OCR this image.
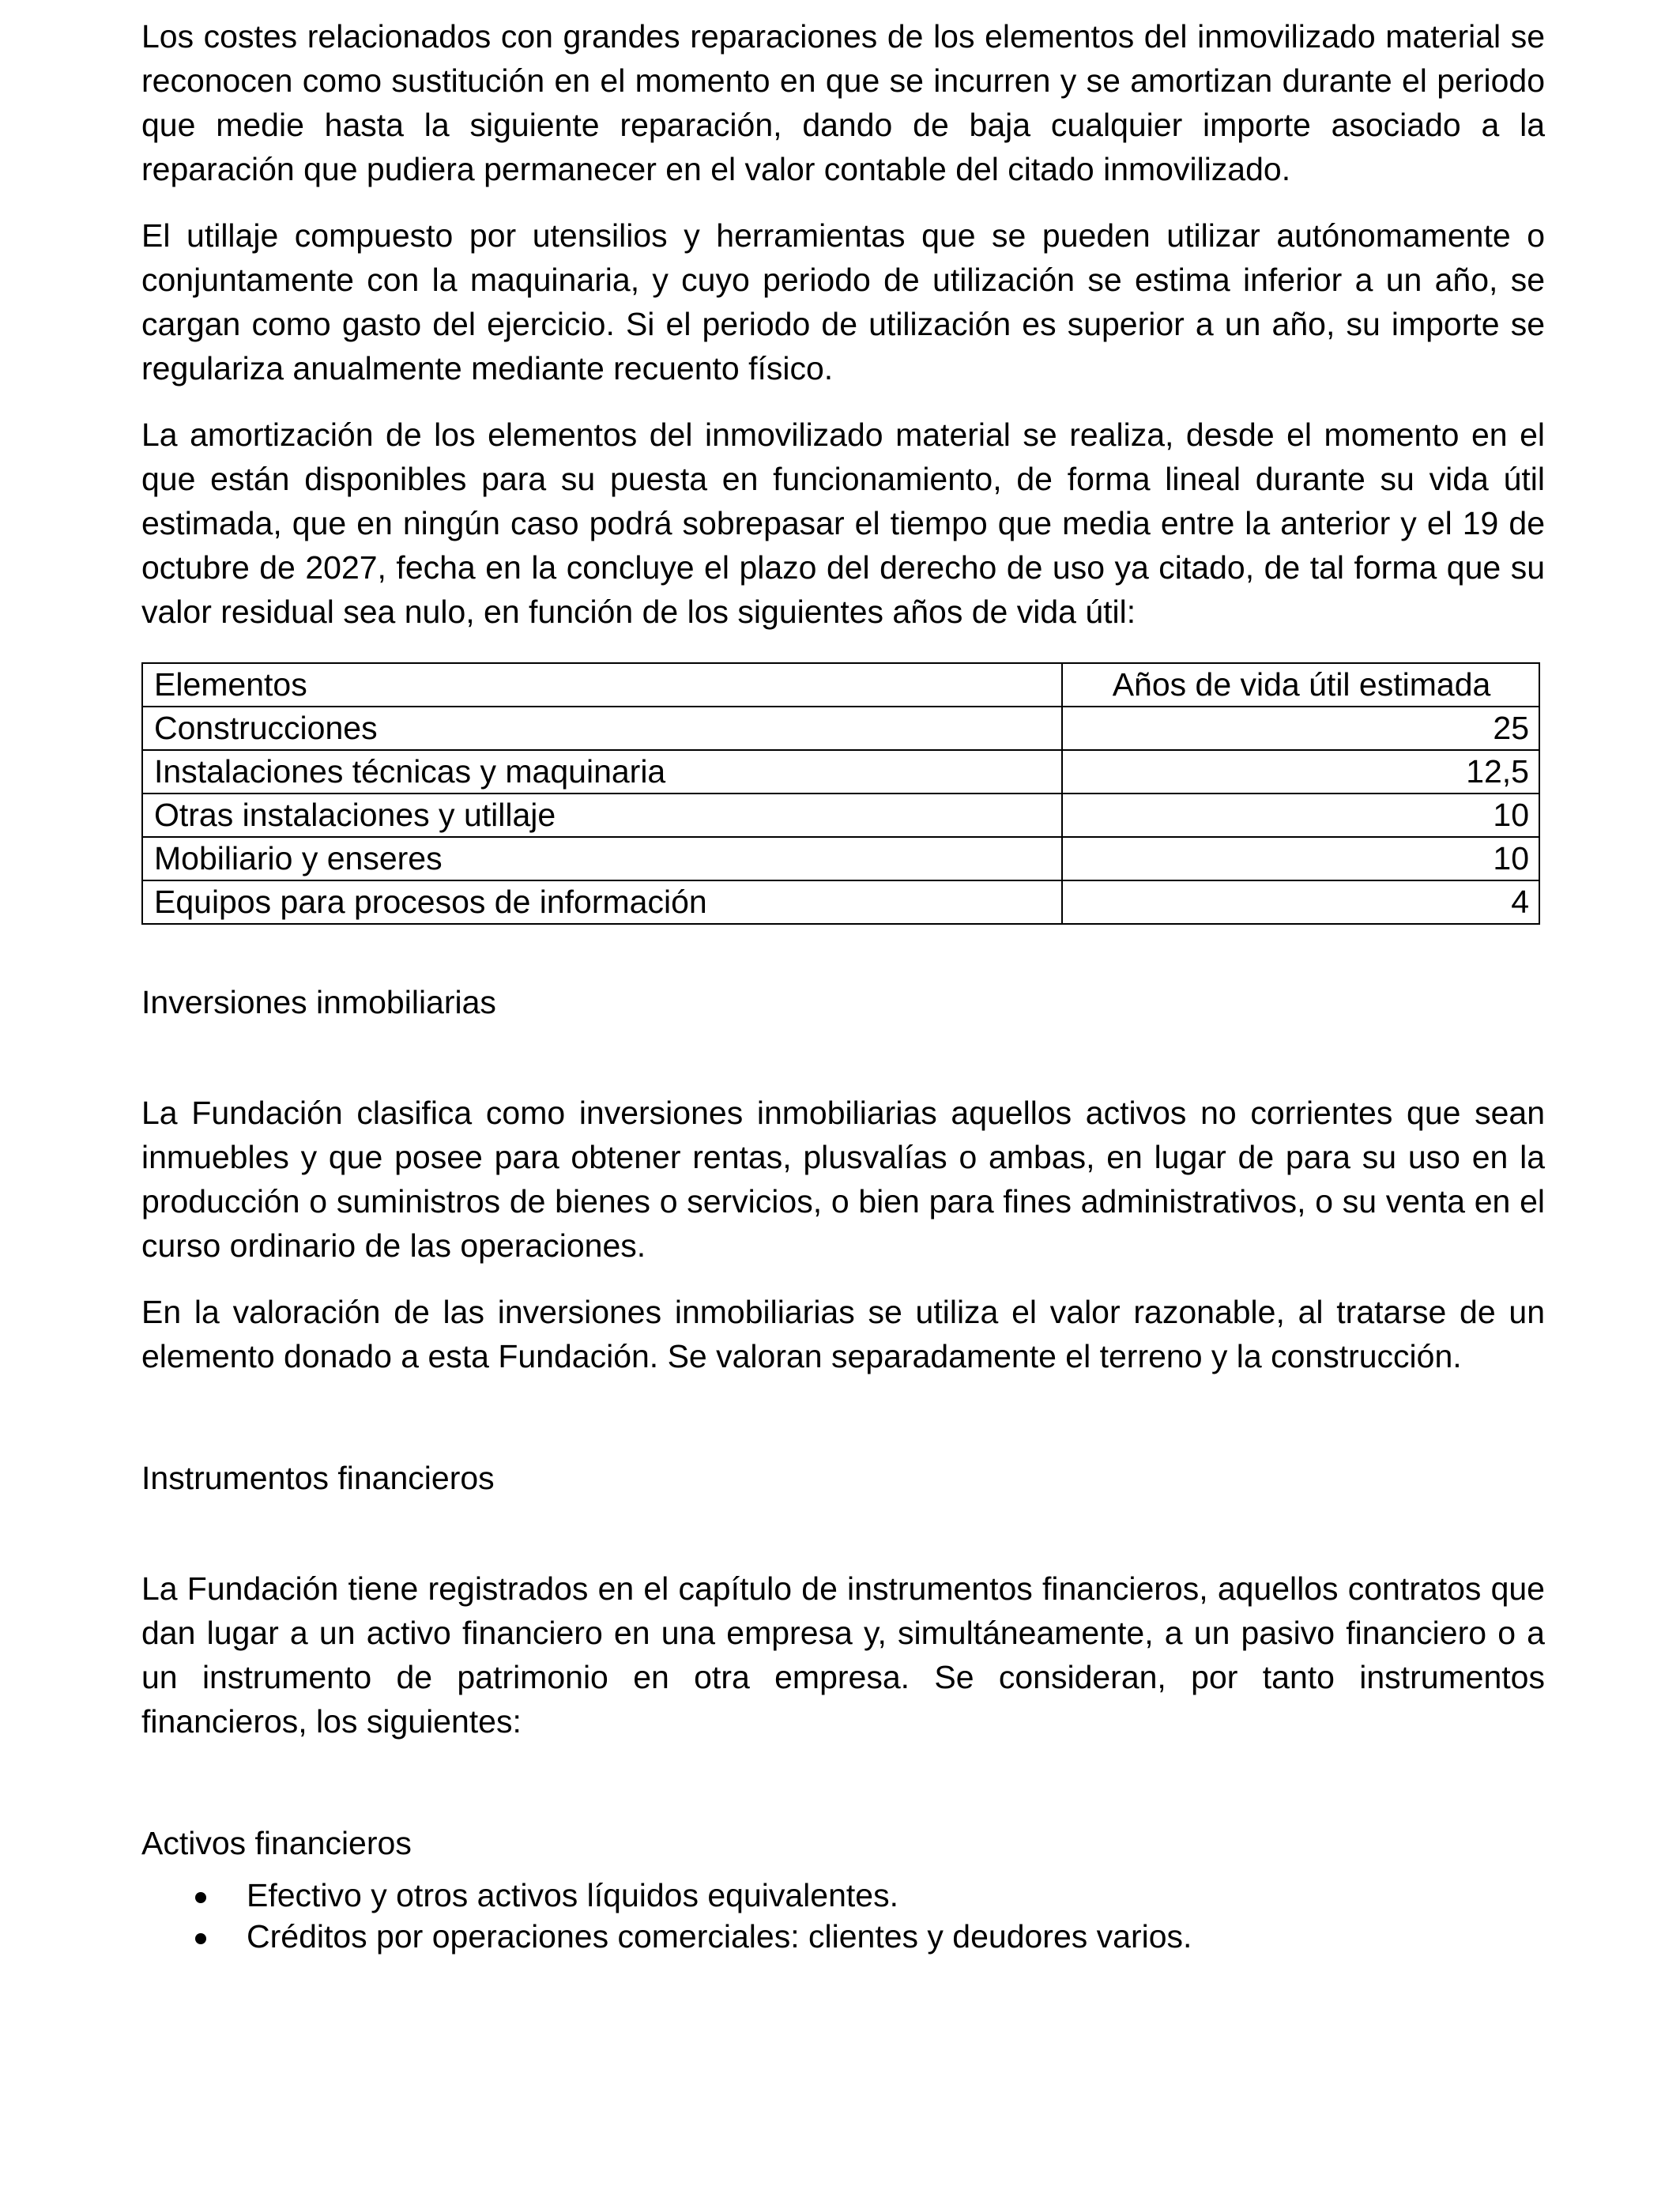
Los costes relacionados con grandes reparaciones de los elementos del inmovilizado material se reconocen como sustitución en el momento en que se incurren y se amortizan durante el periodo que medie hasta la siguiente reparación, dando de baja cualquier importe asociado a la reparación que pudiera permanecer en el valor contable del citado inmovilizado.

El utillaje compuesto por utensilios y herramientas que se pueden utilizar autónomamente o conjuntamente con la maquinaria, y cuyo periodo de utilización se estima inferior a un año, se cargan como gasto del ejercicio. Si el periodo de utilización es superior a un año, su importe se regulariza anualmente mediante recuento físico.

La amortización de los elementos del inmovilizado material se realiza, desde el momento en el que están disponibles para su puesta en funcionamiento, de forma lineal durante su vida útil estimada, que en ningún caso podrá sobrepasar el tiempo que media entre la anterior y el 19 de octubre de 2027, fecha en la concluye el plazo del derecho de uso ya citado, de tal forma que su valor residual sea nulo, en función de los siguientes años de vida útil:

Elementos	Años de vida útil estimada
Construcciones	25
Instalaciones técnicas y maquinaria	12,5
Otras instalaciones y utillaje	10
Mobiliario y enseres	10
Equipos para procesos de información	4
Inversiones inmobiliarias

La Fundación clasifica como inversiones inmobiliarias aquellos activos no corrientes que sean inmuebles y que posee para obtener rentas, plusvalías o ambas, en lugar de para su uso en la producción o suministros de bienes o servicios, o bien para fines administrativos, o su venta en el curso ordinario de las operaciones.

En la valoración de las inversiones inmobiliarias se utiliza el valor razonable, al tratarse de un elemento donado a esta Fundación. Se valoran separadamente el terreno y la construcción.

Instrumentos financieros

La Fundación tiene registrados en el capítulo de instrumentos financieros, aquellos contratos que dan lugar a un activo financiero en una empresa y, simultáneamente, a un pasivo financiero o a un instrumento de patrimonio en otra empresa. Se consideran, por tanto instrumentos financieros, los siguientes:

Activos financieros
Efectivo y otros activos líquidos equivalentes.
Créditos por operaciones comerciales: clientes y deudores varios.
